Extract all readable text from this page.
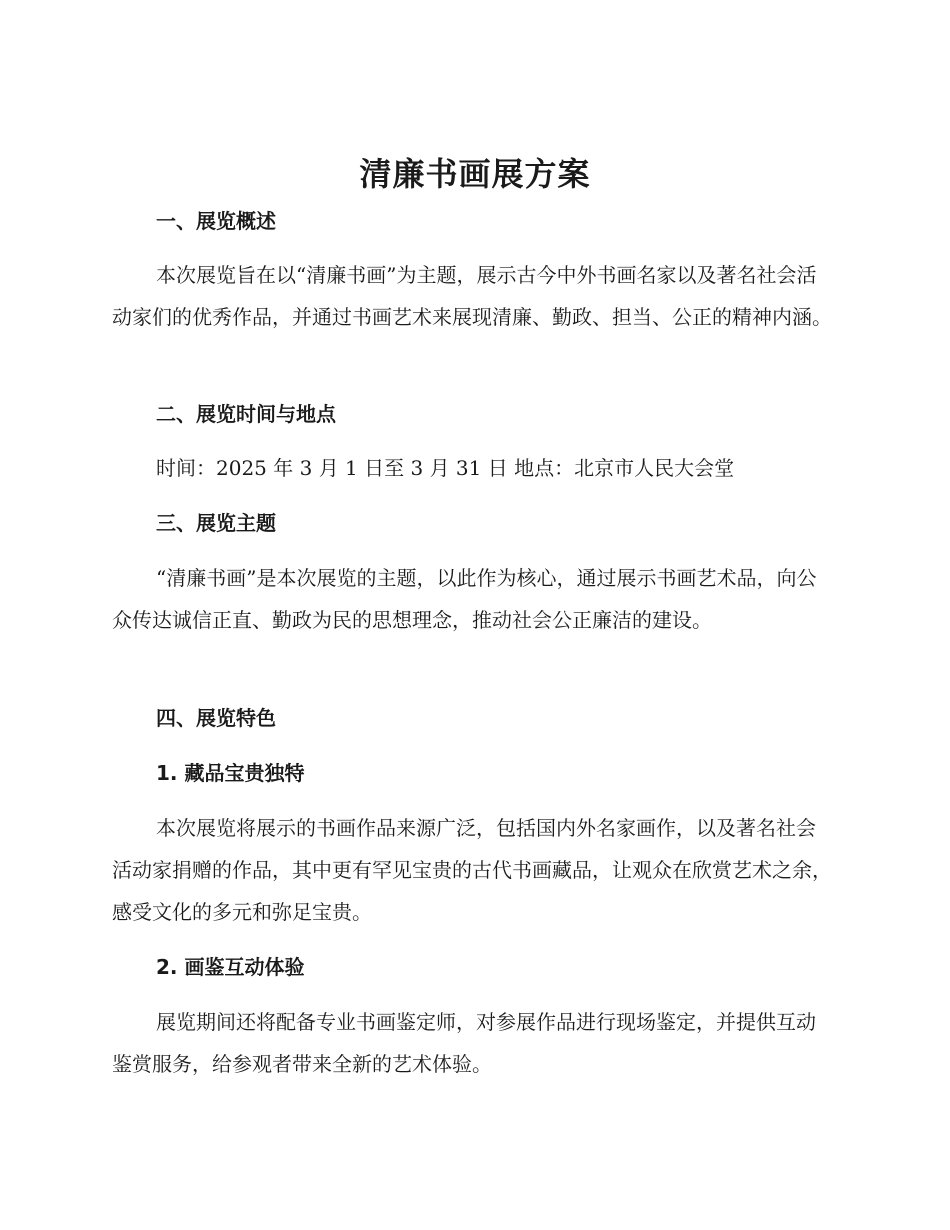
清廉书画展方案
一、展览概述

本次展览旨在以“清廉书画”为主题，展示古今中外书画名家以及著名社会活动家们的优秀作品，并通过书画艺术来展现清廉、勤政、担当、公正的精神内涵。

二、展览时间与地点

时间：2025 年 3 月 1 日至 3 月 31 日 地点：北京市人民大会堂

三、展览主题

“清廉书画”是本次展览的主题，以此作为核心，通过展示书画艺术品，向公众传达诚信正直、勤政为民的思想理念，推动社会公正廉洁的建设。

四、展览特色
1. 藏品宝贵独特

本次展览将展示的书画作品来源广泛，包括国内外名家画作，以及著名社会活动家捐赠的作品，其中更有罕见宝贵的古代书画藏品，让观众在欣赏艺术之余，感受文化的多元和弥足宝贵。

2. 画鉴互动体验

展览期间还将配备专业书画鉴定师，对参展作品进行现场鉴定，并提供互动鉴赏服务，给参观者带来全新的艺术体验。
